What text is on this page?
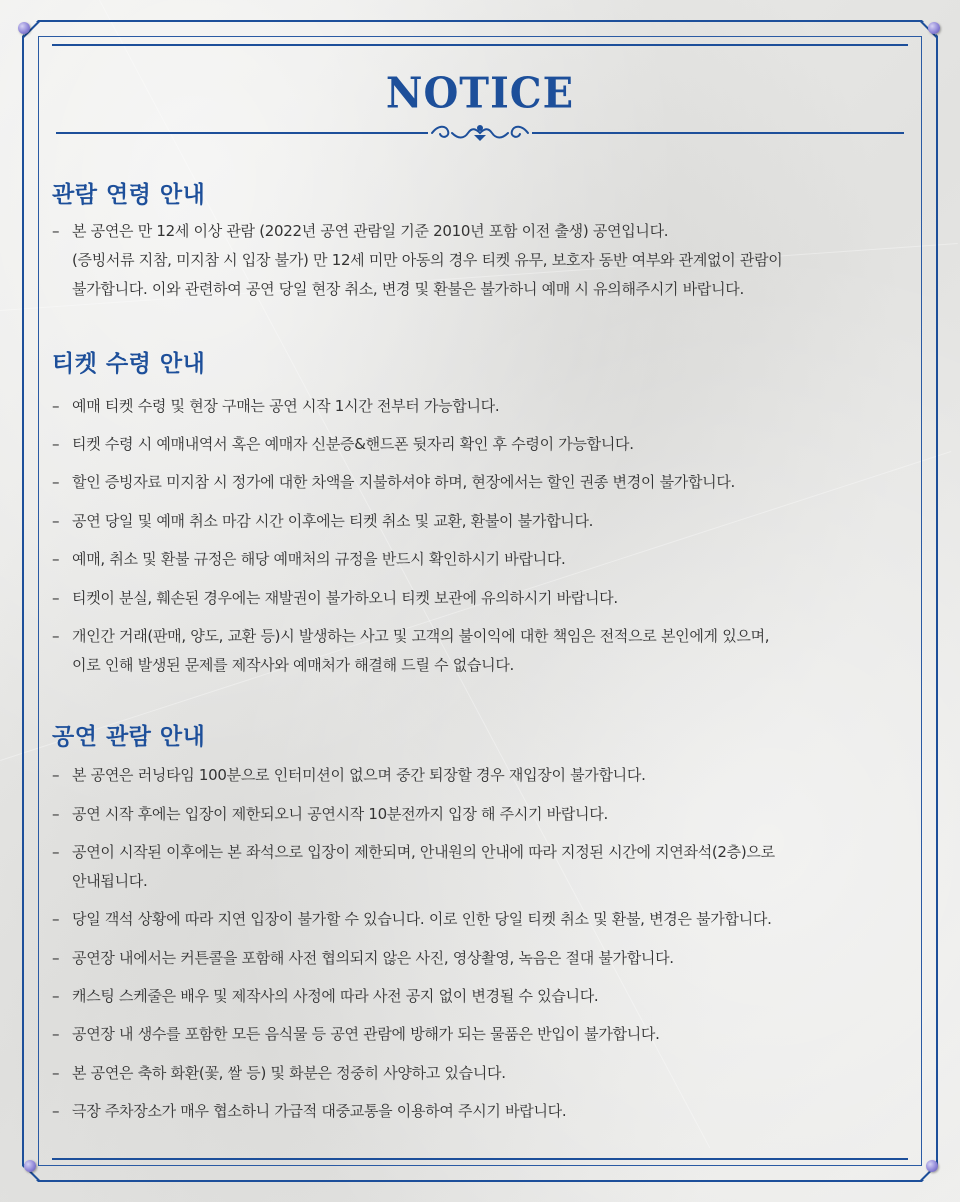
NOTICE
관람 연령 안내
– 본 공연은 만 12세 이상 관람 (2022년 공연 관람일 기준 2010년 포함 이전 출생) 공연입니다.
(증빙서류 지참, 미지참 시 입장 불가) 만 12세 미만 아동의 경우 티켓 유무, 보호자 동반 여부와 관계없이 관람이
불가합니다. 이와 관련하여 공연 당일 현장 취소, 변경 및 환불은 불가하니 예매 시 유의해주시기 바랍니다.
티켓 수령 안내
– 예매 티켓 수령 및 현장 구매는 공연 시작 1시간 전부터 가능합니다.
– 티켓 수령 시 예매내역서 혹은 예매자 신분증&핸드폰 뒷자리 확인 후 수령이 가능합니다.
– 할인 증빙자료 미지참 시 정가에 대한 차액을 지불하셔야 하며, 현장에서는 할인 권종 변경이 불가합니다.
– 공연 당일 및 예매 취소 마감 시간 이후에는 티켓 취소 및 교환, 환불이 불가합니다.
– 예매, 취소 및 환불 규정은 해당 예매처의 규정을 반드시 확인하시기 바랍니다.
– 티켓이 분실, 훼손된 경우에는 재발권이 불가하오니 티켓 보관에 유의하시기 바랍니다.
– 개인간 거래(판매, 양도, 교환 등)시 발생하는 사고 및 고객의 불이익에 대한 책임은 전적으로 본인에게 있으며,
이로 인해 발생된 문제를 제작사와 예매처가 해결해 드릴 수 없습니다.
공연 관람 안내
– 본 공연은 러닝타임 100분으로 인터미션이 없으며 중간 퇴장할 경우 재입장이 불가합니다.
– 공연 시작 후에는 입장이 제한되오니 공연시작 10분전까지 입장 해 주시기 바랍니다.
– 공연이 시작된 이후에는 본 좌석으로 입장이 제한되며, 안내원의 안내에 따라 지정된 시간에 지연좌석(2층)으로
안내됩니다.
– 당일 객석 상황에 따라 지연 입장이 불가할 수 있습니다. 이로 인한 당일 티켓 취소 및 환불, 변경은 불가합니다.
– 공연장 내에서는 커튼콜을 포함해 사전 협의되지 않은 사진, 영상촬영, 녹음은 절대 불가합니다.
– 캐스팅 스케줄은 배우 및 제작사의 사정에 따라 사전 공지 없이 변경될 수 있습니다.
– 공연장 내 생수를 포함한 모든 음식물 등 공연 관람에 방해가 되는 물품은 반입이 불가합니다.
– 본 공연은 축하 화환(꽃, 쌀 등) 및 화분은 정중히 사양하고 있습니다.
– 극장 주차장소가 매우 협소하니 가급적 대중교통을 이용하여 주시기 바랍니다.
